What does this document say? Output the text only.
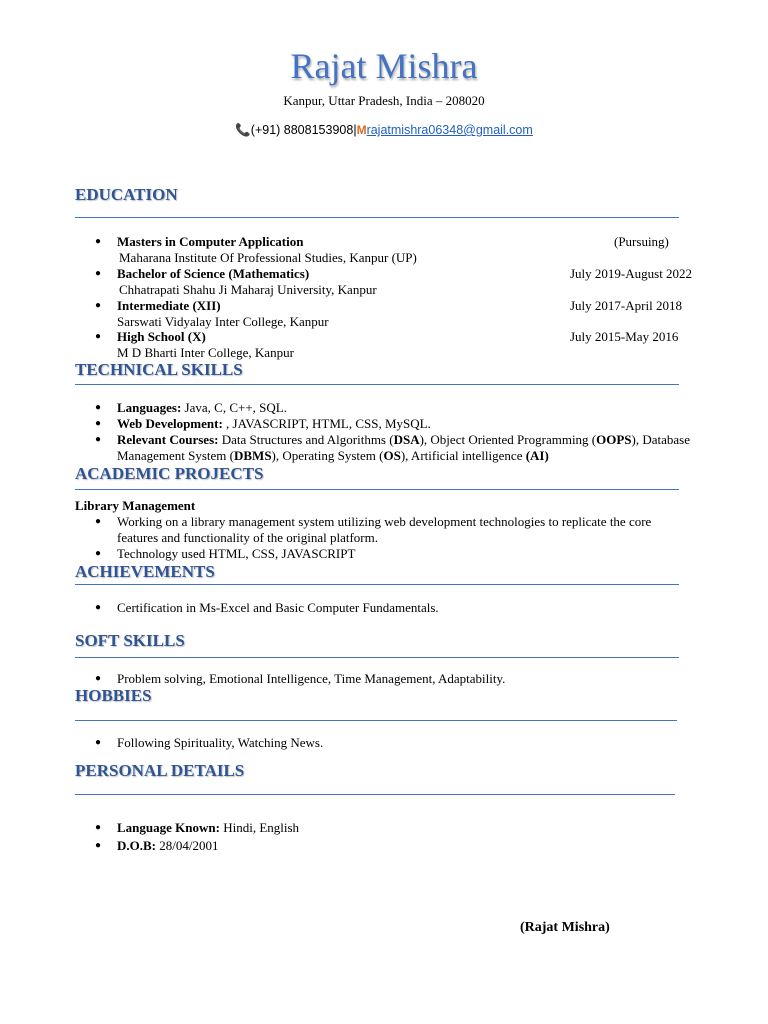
Rajat Mishra
Kanpur, Uttar Pradesh, India – 208020
📞(+91) 8808153908|Mrajatmishra06348@gmail.com
EDUCATION
● Masters in Computer Application	(Pursuing)
Maharana Institute Of Professional Studies, Kanpur (UP)
● Bachelor of Science (Mathematics)	July 2019-August 2022
Chhatrapati Shahu Ji Maharaj University, Kanpur
● Intermediate (XII)	July 2017-April 2018
Sarswati Vidyalay Inter College, Kanpur
● High School (X)	July 2015-May 2016
M D Bharti Inter College, Kanpur
TECHNICAL SKILLS
● Languages: Java, C, C++, SQL.
● Web Development: , JAVASCRIPT, HTML, CSS, MySQL.
● Relevant Courses: Data Structures and Algorithms (DSA), Object Oriented Programming (OOPS), Database
Management System (DBMS), Operating System (OS), Artificial intelligence (AI)
ACADEMIC PROJECTS
Library Management
● Working on a library management system utilizing web development technologies to replicate the core
features and functionality of the original platform.
● Technology used HTML, CSS, JAVASCRIPT
ACHIEVEMENTS
● Certification in Ms-Excel and Basic Computer Fundamentals.
SOFT SKILLS
● Problem solving, Emotional Intelligence, Time Management, Adaptability.
HOBBIES
● Following Spirituality, Watching News.
PERSONAL DETAILS
● Language Known: Hindi, English
● D.O.B: 28/04/2001
(Rajat Mishra)
